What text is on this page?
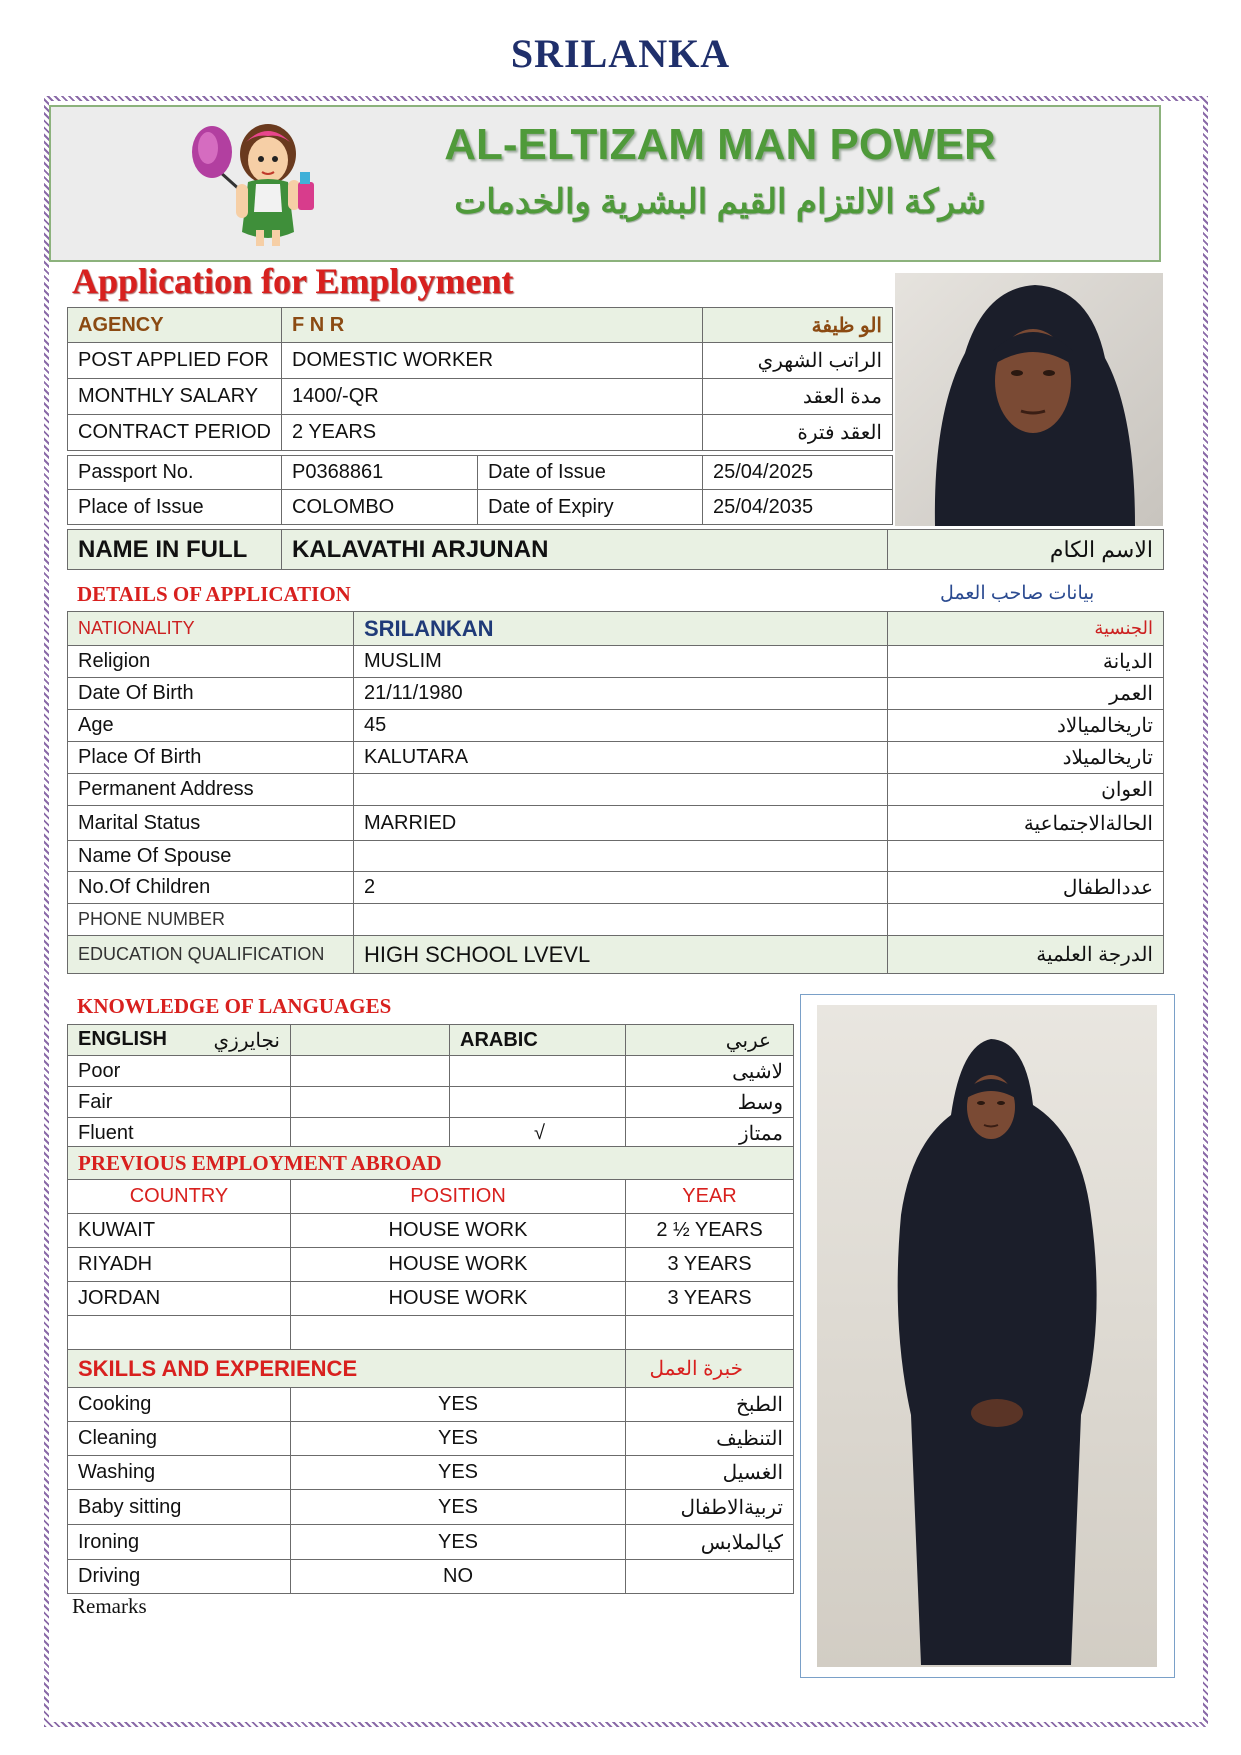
SRILANKA
AL-ELTIZAM MAN POWER
شركة الالتزام القيم البشرية والخدمات
Application for Employment
AGENCY	F N R	الو ظيفة
POST APPLIED FOR	DOMESTIC WORKER	الراتب الشهري
MONTHLY SALARY	1400/-QR	مدة العقد
CONTRACT PERIOD	2 YEARS	العقد فترة
Passport No.	P0368861	Date of Issue	25/04/2025
Place of Issue	COLOMBO	Date of Expiry	25/04/2035
NAME IN FULL	KALAVATHI ARJUNAN	الاسم الكام
DETAILS OF APPLICATION	بيانات صاحب العمل
NATIONALITY	SRILANKAN	الجنسية
Religion	MUSLIM	الديانة
Date Of Birth	21/11/1980	العمر
Age	45	تاريخالميالاد
Place Of Birth	KALUTARA	تاريخالميلاد
Permanent Address		العوان
Marital Status	MARRIED	الحالةالاجتماعية
Name Of Spouse		
No.Of Children	2	عددالطفال
PHONE NUMBER		
EDUCATION QUALIFICATION	HIGH SCHOOL LVEVL	الدرجة العلمية
KNOWLEDGE OF LANGUAGES
ENGLISH نجايرزي		ARABIC	عربي
Poor			لاشيى
Fair			وسط
Fluent		√	ممتاز
PREVIOUS EMPLOYMENT ABROAD		
COUNTRY	POSITION	YEAR
KUWAIT	HOUSE WORK	2 ½ YEARS
RIYADH	HOUSE WORK	3 YEARS
JORDAN	HOUSE WORK	3 YEARS

SKILLS AND EXPERIENCE		خبرة العمل
Cooking	YES	الطبخ
Cleaning	YES	التنظيف
Washing	YES	الغسيل
Baby sitting	YES	تربيةالاطفال
Ironing	YES	كيالملابس
Driving	NO	
Remarks
